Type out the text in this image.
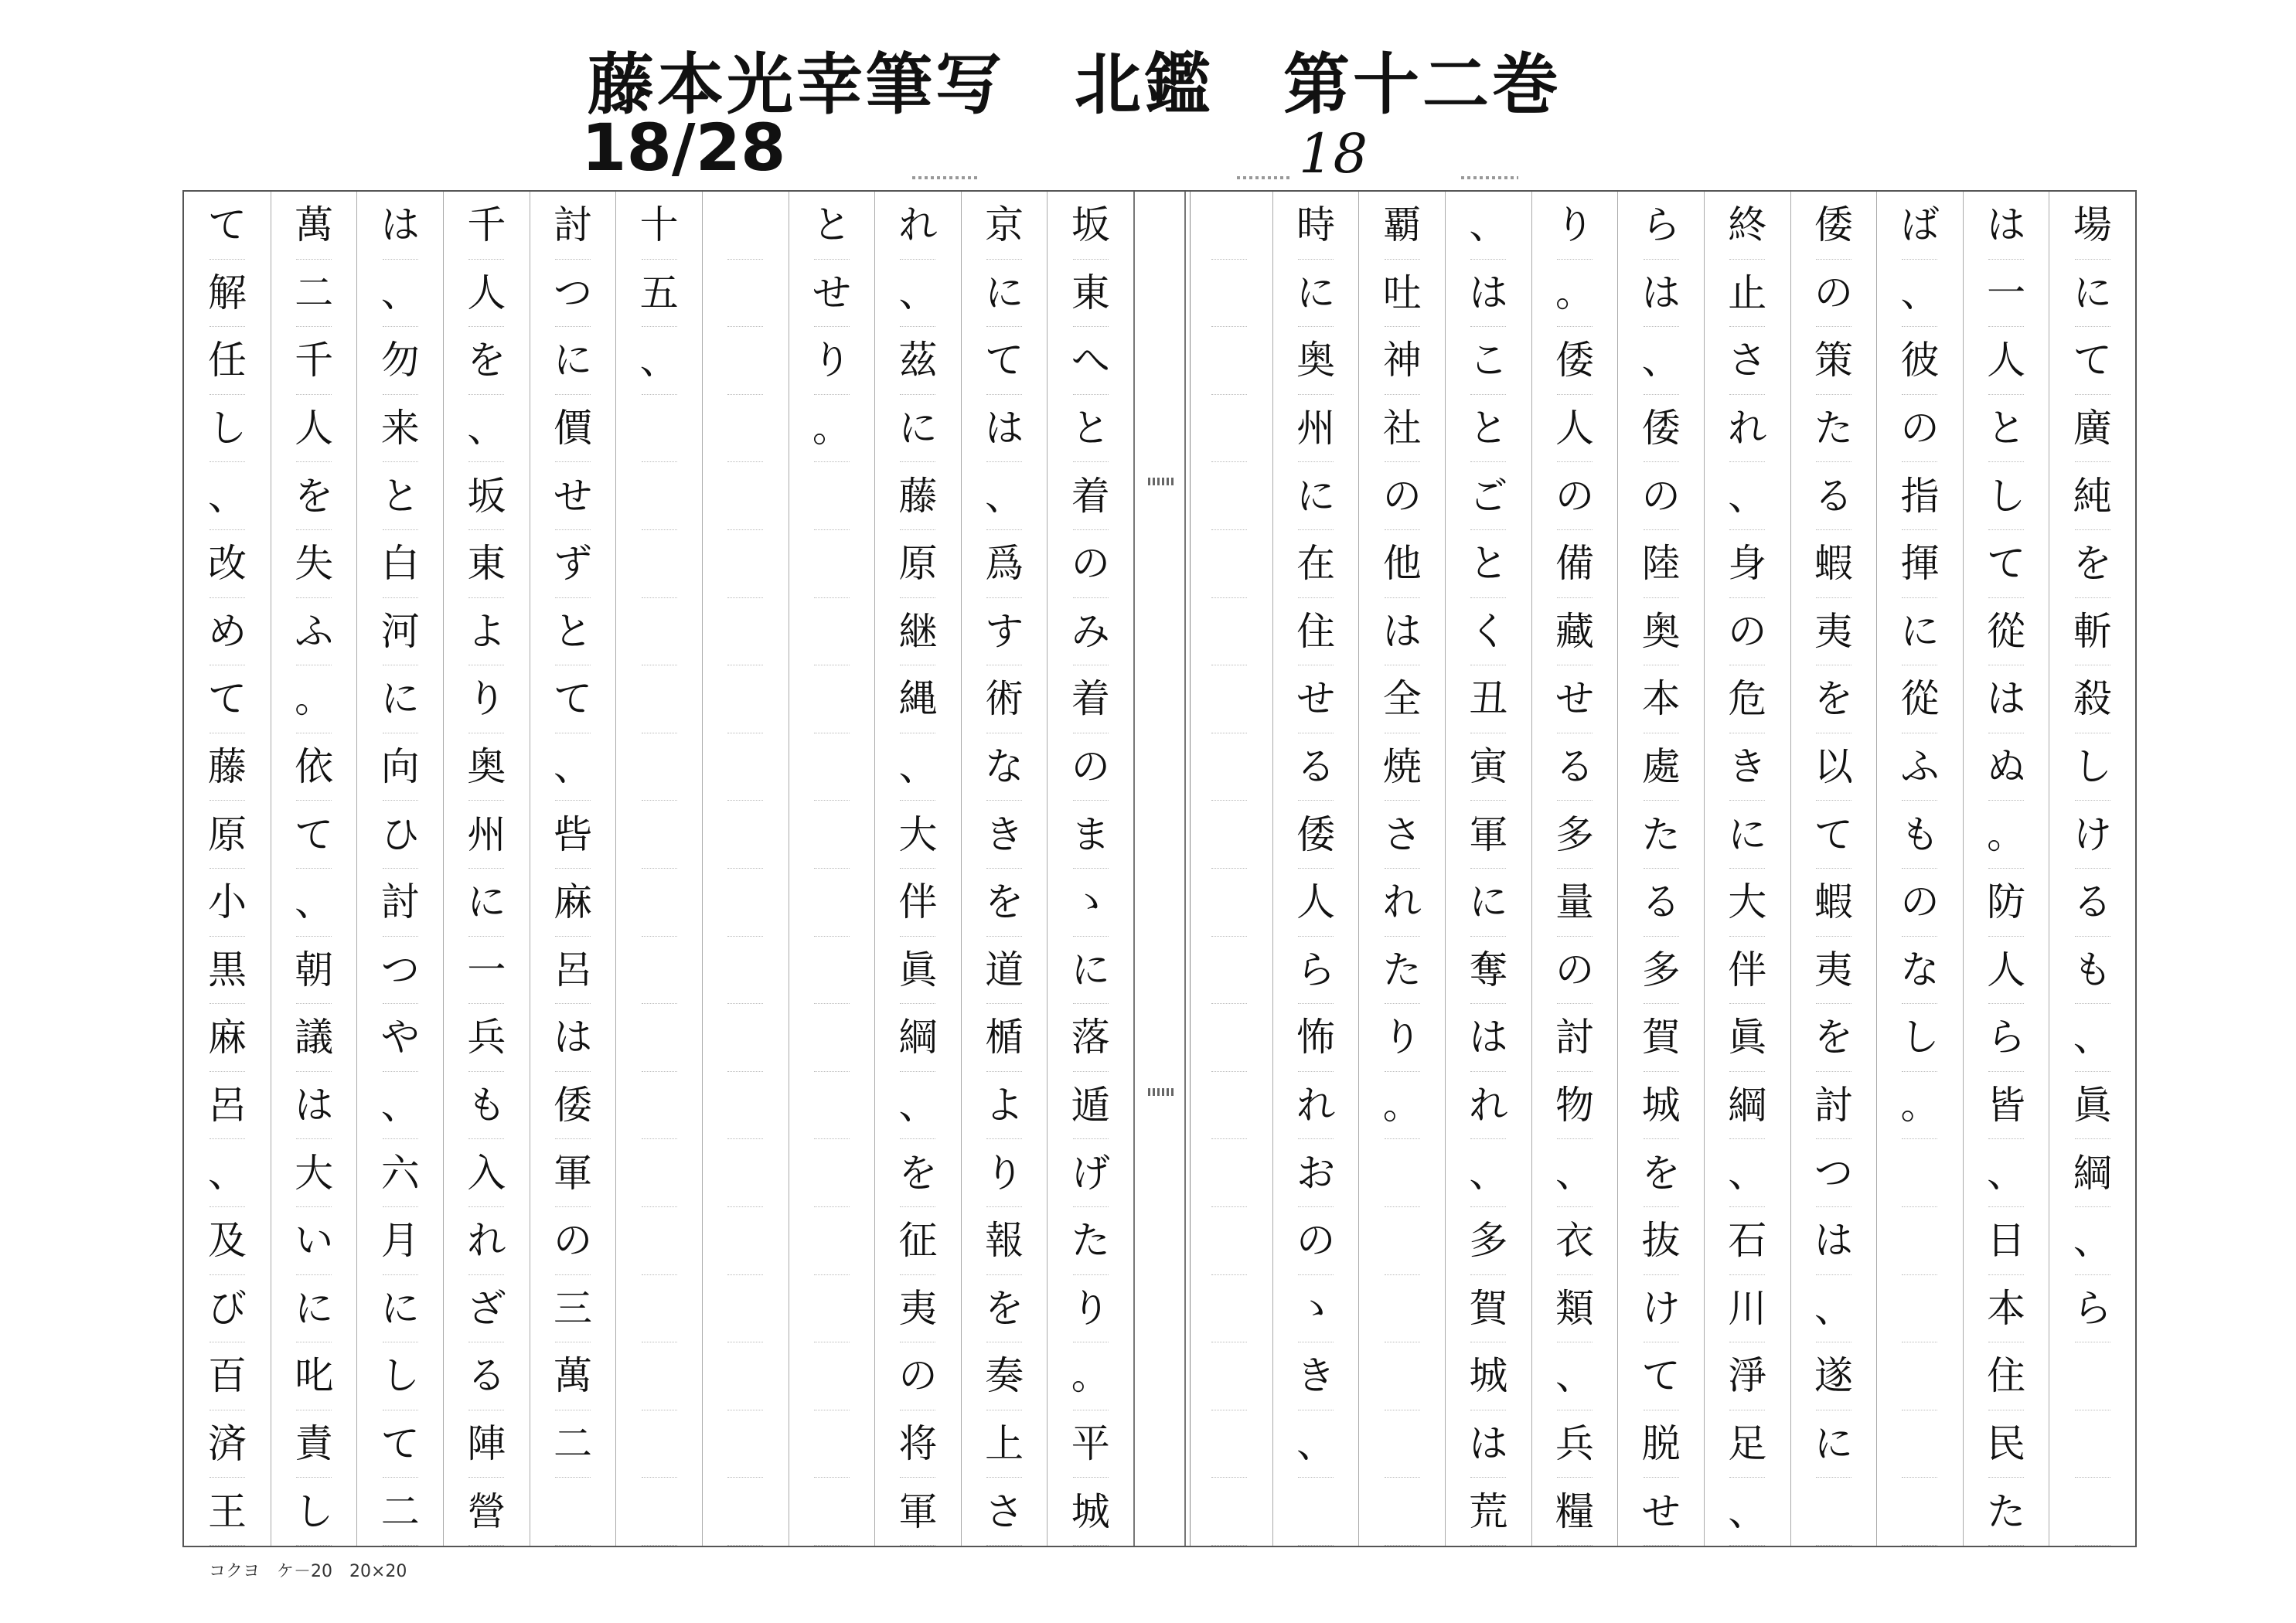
藤本光幸筆写　北鑑　第十二巻
18/28	18
場
に
て
廣
純
を
斬
殺
し
け
る
も
、
眞
綱
、
ら
は
一
人
と
し
て
從
は
ぬ
。
防
人
ら
皆
、
日
本
住
民
た
ば
、
彼
の
指
揮
に
從
ふ
も
の
な
し
。
倭
の
策
た
る
蝦
夷
を
以
て
蝦
夷
を
討
つ
は
、
遂
に
終
止
さ
れ
、
身
の
危
き
に
大
伴
眞
綱
、
石
川
淨
足
、
ら
は
、
倭
の
陸
奥
本
處
た
る
多
賀
城
を
抜
け
て
脱
せ
り
。
倭
人
の
備
藏
せ
る
多
量
の
討
物
、
衣
類
、
兵
糧
、
は
こ
と
ご
と
く
丑
寅
軍
に
奪
は
れ
、
多
賀
城
は
荒
覇
吐
神
社
の
他
は
全
焼
さ
れ
た
り
。
時
に
奥
州
に
在
住
せ
る
倭
人
ら
怖
れ
お
の
ゝ
き
、
坂
東
へ
と
着
の
み
着
の
ま
ゝ
に
落
遁
げ
た
り
。
平
城
京
に
て
は
、
爲
す
術
な
き
を
道
楯
よ
り
報
を
奏
上
さ
れ
、
茲
に
藤
原
継
縄
、
大
伴
眞
綱
、
を
征
夷
の
将
軍
と
せ
り
。
十
五
、
討
つ
に
價
せ
ず
と
て
、
呰
麻
呂
は
倭
軍
の
三
萬
二
千
人
を
、
坂
東
よ
り
奥
州
に
一
兵
も
入
れ
ざ
る
陣
營
は
、
勿
来
と
白
河
に
向
ひ
討
つ
や
、
六
月
に
し
て
二
萬
二
千
人
を
失
ふ
。
依
て
、
朝
議
は
大
い
に
叱
責
し
て
解
任
し
、
改
め
て
藤
原
小
黒
麻
呂
、
及
び
百
済
王
コクヨ　ケ－20　20×20
